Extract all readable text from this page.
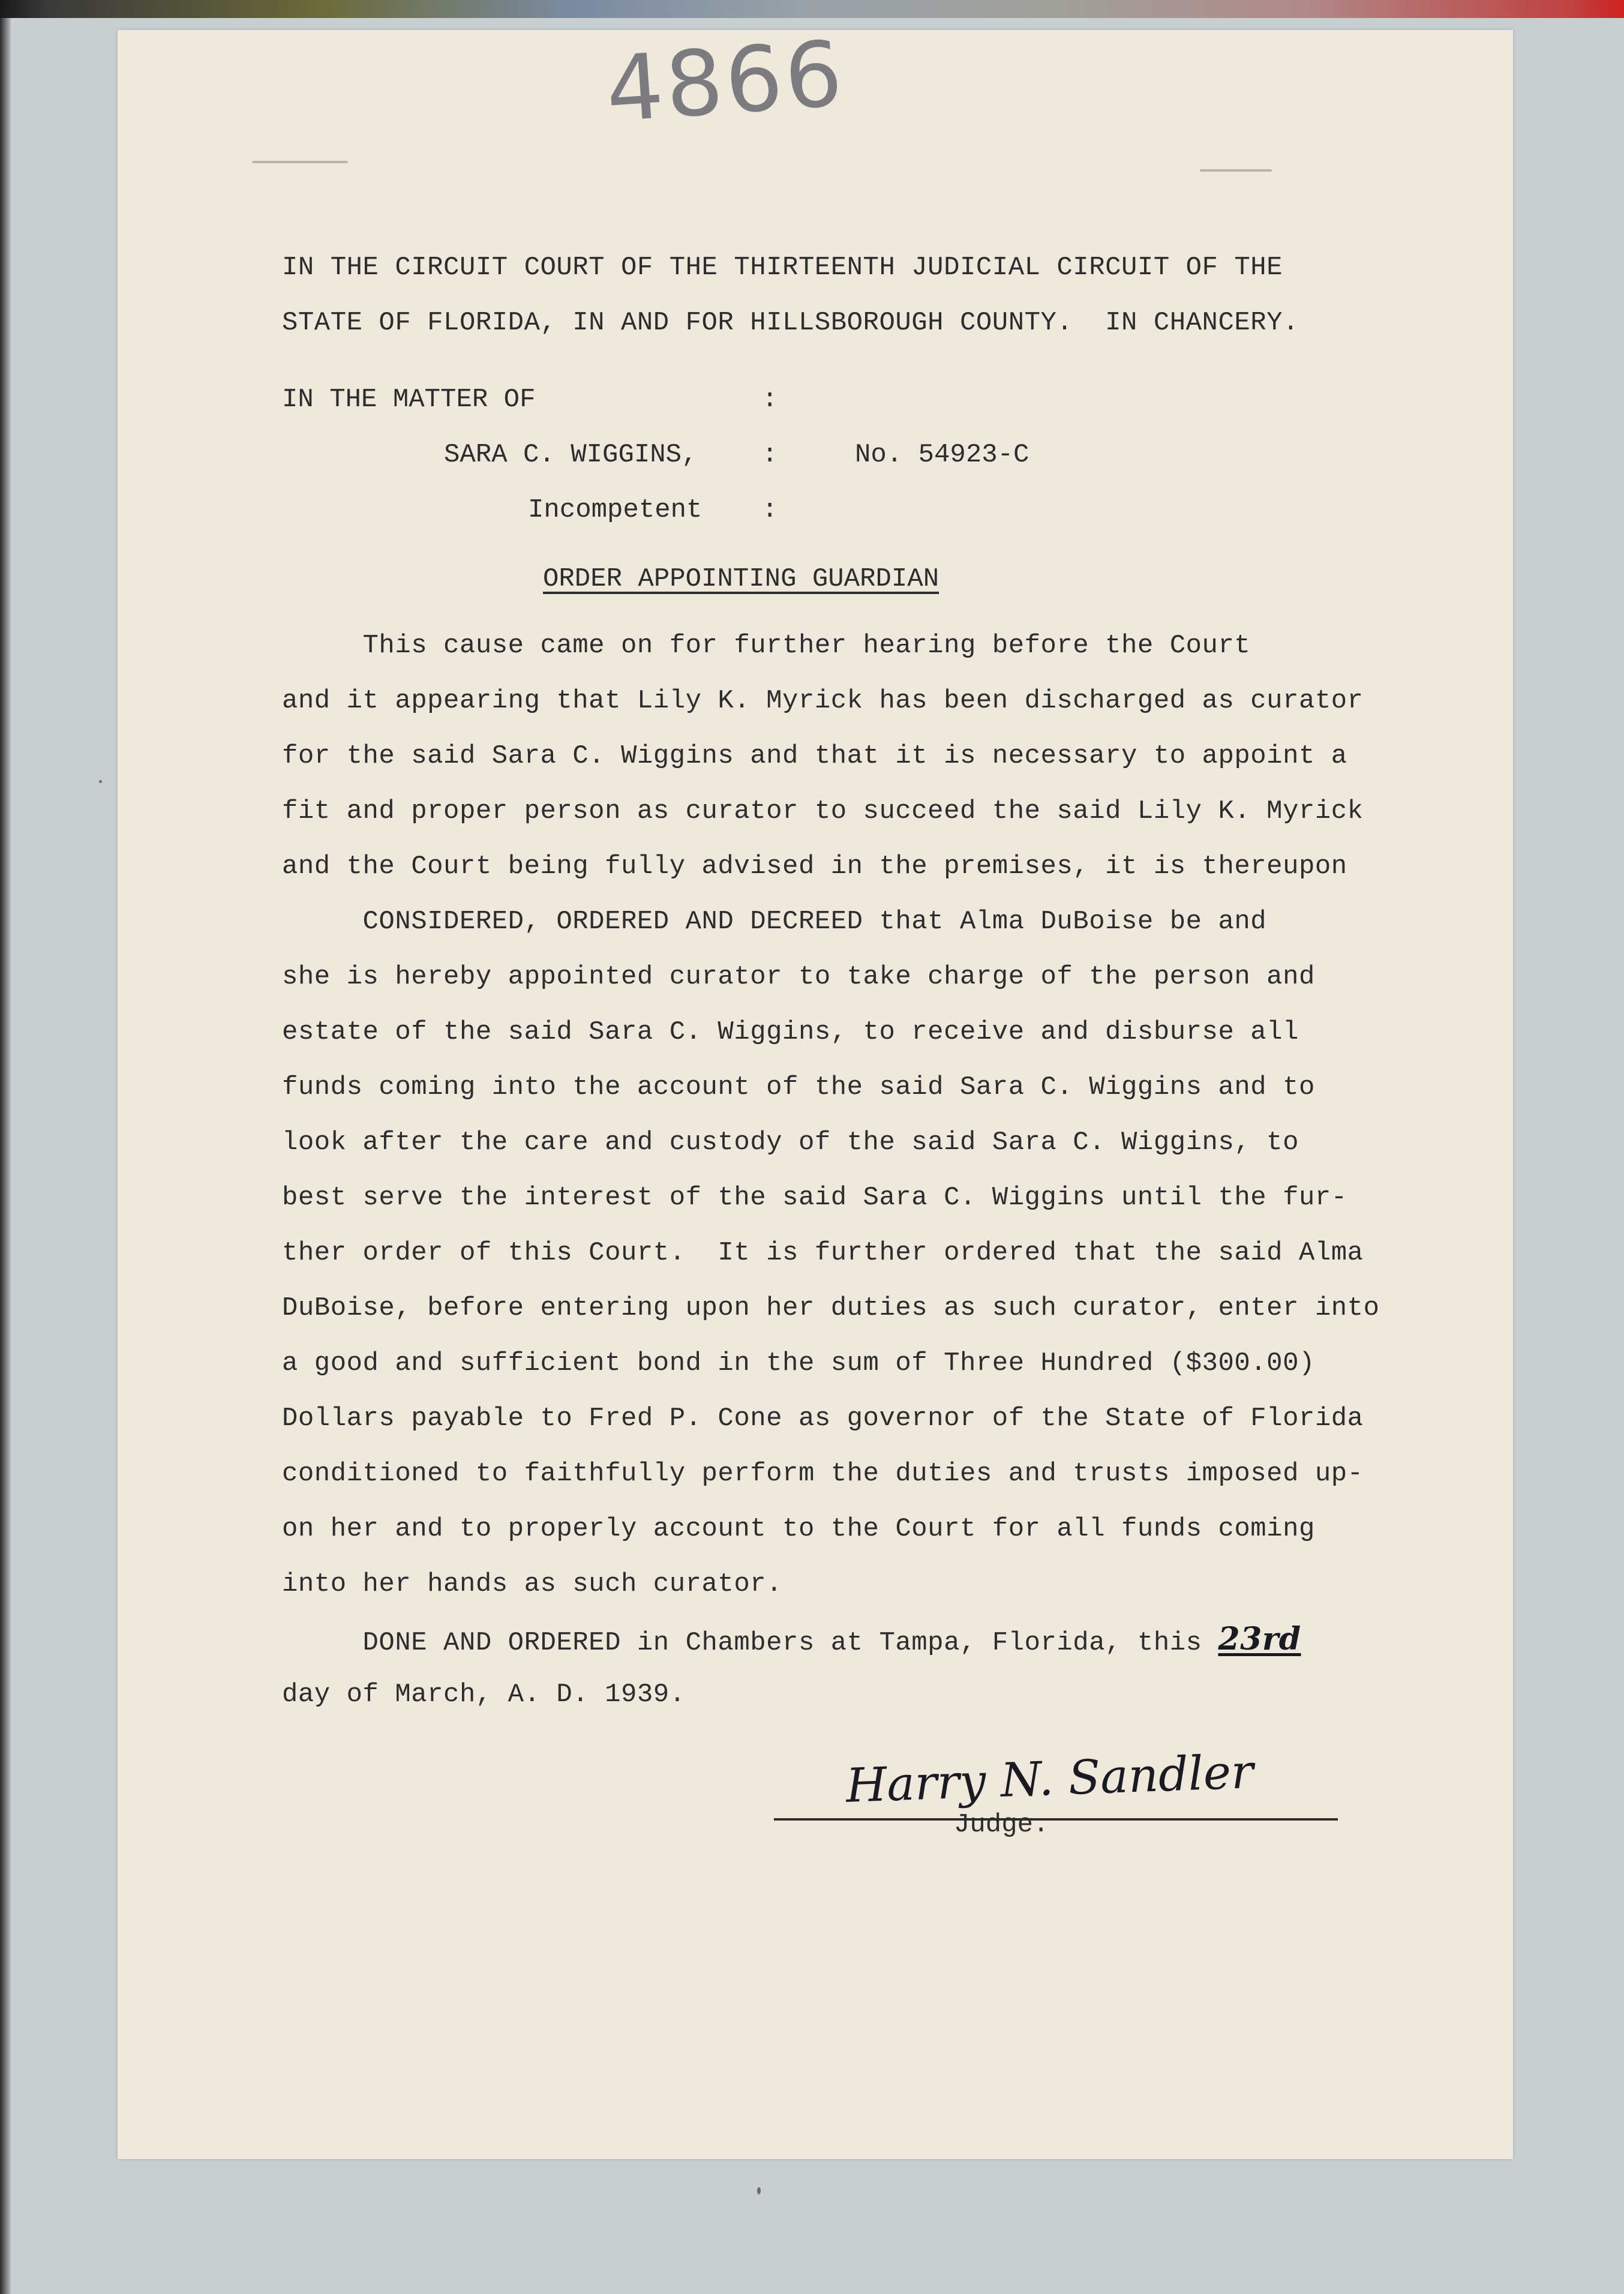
4866
IN THE CIRCUIT COURT OF THE THIRTEENTH JUDICIAL CIRCUIT OF THE
STATE OF FLORIDA, IN AND FOR HILLSBOROUGH COUNTY.  IN CHANCERY.
IN THE MATTER OF	:
SARA C. WIGGINS, :	No. 54923-C
Incompetent :
ORDER APPOINTING GUARDIAN
This cause came on for further hearing before the Court
and it appearing that Lily K. Myrick has been discharged as curator
for the said Sara C. Wiggins and that it is necessary to appoint a
fit and proper person as curator to succeed the said Lily K. Myrick
and the Court being fully advised in the premises, it is thereupon
CONSIDERED, ORDERED AND DECREED that Alma DuBoise be and
she is hereby appointed curator to take charge of the person and
estate of the said Sara C. Wiggins, to receive and disburse all
funds coming into the account of the said Sara C. Wiggins and to
look after the care and custody of the said Sara C. Wiggins, to
best serve the interest of the said Sara C. Wiggins until the fur-
ther order of this Court.  It is further ordered that the said Alma
DuBoise, before entering upon her duties as such curator, enter into
a good and sufficient bond in the sum of Three Hundred ($300.00)
Dollars payable to Fred P. Cone as governor of the State of Florida
conditioned to faithfully perform the duties and trusts imposed up-
on her and to properly account to the Court for all funds coming
into her hands as such curator.
DONE AND ORDERED in Chambers at Tampa, Florida, this 23rd
day of March, A. D. 1939.
Harry N. Sandler
Judge.
